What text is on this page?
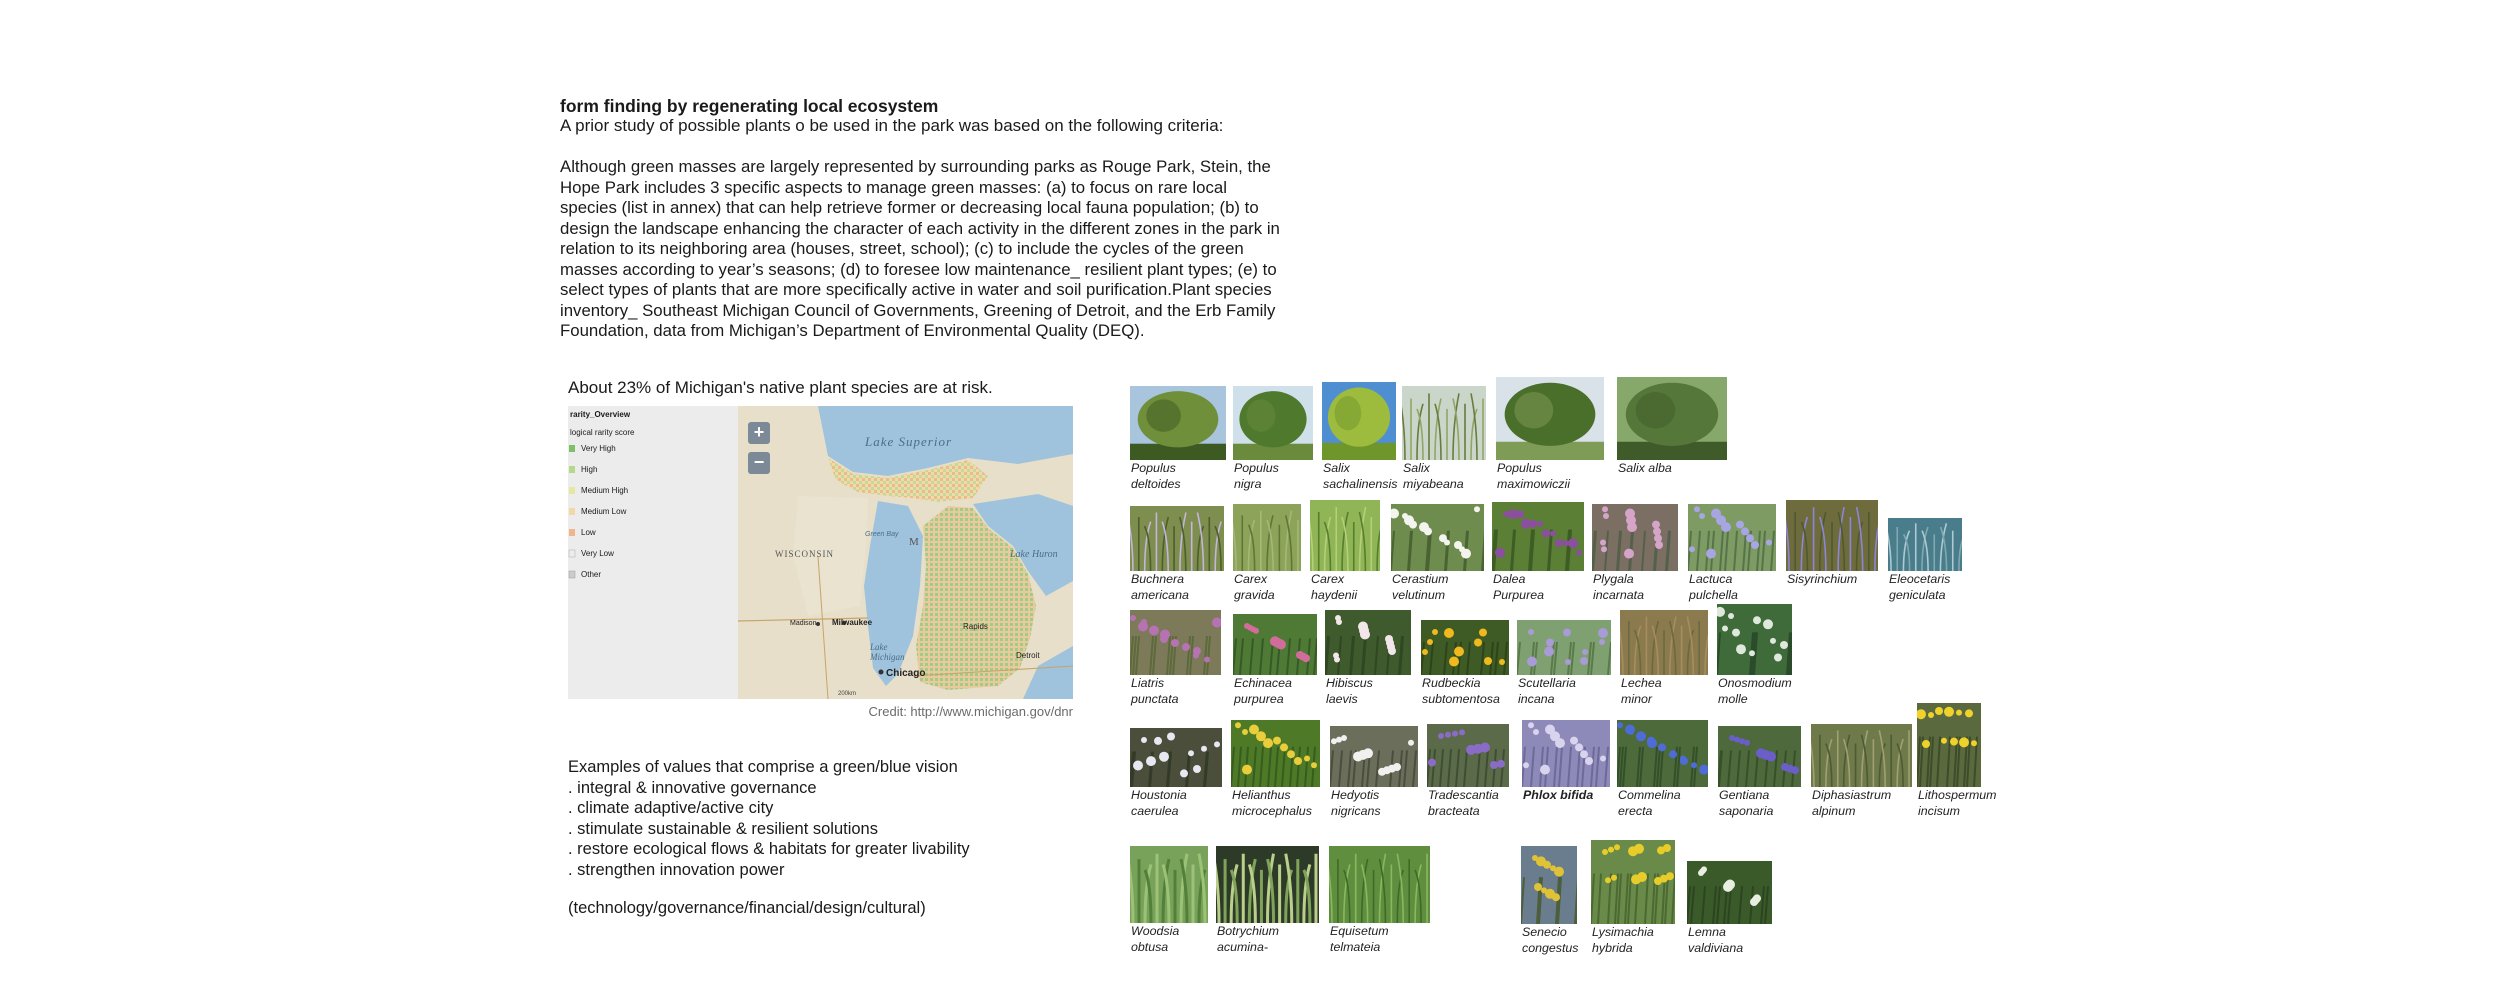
form finding by regenerating local ecosystem
A prior study of possible plants o be used in the park was based on the following criteria:
Although green masses are largely represented by surrounding parks as Rouge Park, Stein, the Hope Park includes 3 specific aspects to manage green masses: (a) to focus on rare local species (list in annex) that can help retrieve former or decreasing local fauna population; (b) to design the landscape enhancing the character of each activity in the different zones in the park in relation to its neighboring area (houses, street, school); (c) to include the cycles of the green masses according to year’s seasons; (d) to foresee low maintenance_ resilient plant types; (e) to select types of plants that are more specifically active in water and soil purification.Plant species inventory_ Southeast Michigan Council of Governments, Greening of Detroit, and the Erb Family Foundation, data from Michigan’s Department of Environmental Quality (DEQ).
About 23% of Michigan's native plant species are at risk.
rarity_Overview
logical rarity score
Very High
High
Medium High
Medium Low
Low
Very Low
Other
+
−
Lake Superior
WISCONSIN	Lake Huron
Green Bay
M
Lake Michigan
Milwaukee
Madison
Chicago
Rapids
Detroit
200km
Credit: http://www.michigan.gov/dnr
Examples of values that comprise a green/blue vision
. integral & innovative governance
. climate adaptive/active city
. stimulate sustainable & resilient solutions
. restore ecological flows & habitats for greater livability
. strengthen innovation power
(technology/governance/financial/design/cultural)
Populus
deltoides
Populus
nigra
Salix
sachalinensis
Salix
miyabeana
Populus
maximowiczii
Salix alba
Buchnera
americana
Carex
gravida
Carex
haydenii
Cerastium
velutinum
Dalea
Purpurea
Plygala
incarnata
Lactuca
pulchella
Sisyrinchium	Eleocetaris
geniculata
Liatris
punctata
Echinacea
purpurea
Hibiscus
laevis
Rudbeckia
subtomentosa
Scutellaria
incana
Lechea
minor
Onosmodium
molle
Houstonia
caerulea
Helianthus
microcephalus
Hedyotis
nigricans
Tradescantia
bracteata
Phlox bifida	Commelina
erecta
Gentiana
saponaria
Diphasiastrum
alpinum
Lithospermum
incisum
Woodsia
obtusa
Botrychium
acumina-
Equisetum
telmateia
Senecio
congestus
Lysimachia
hybrida
Lemna
valdiviana
